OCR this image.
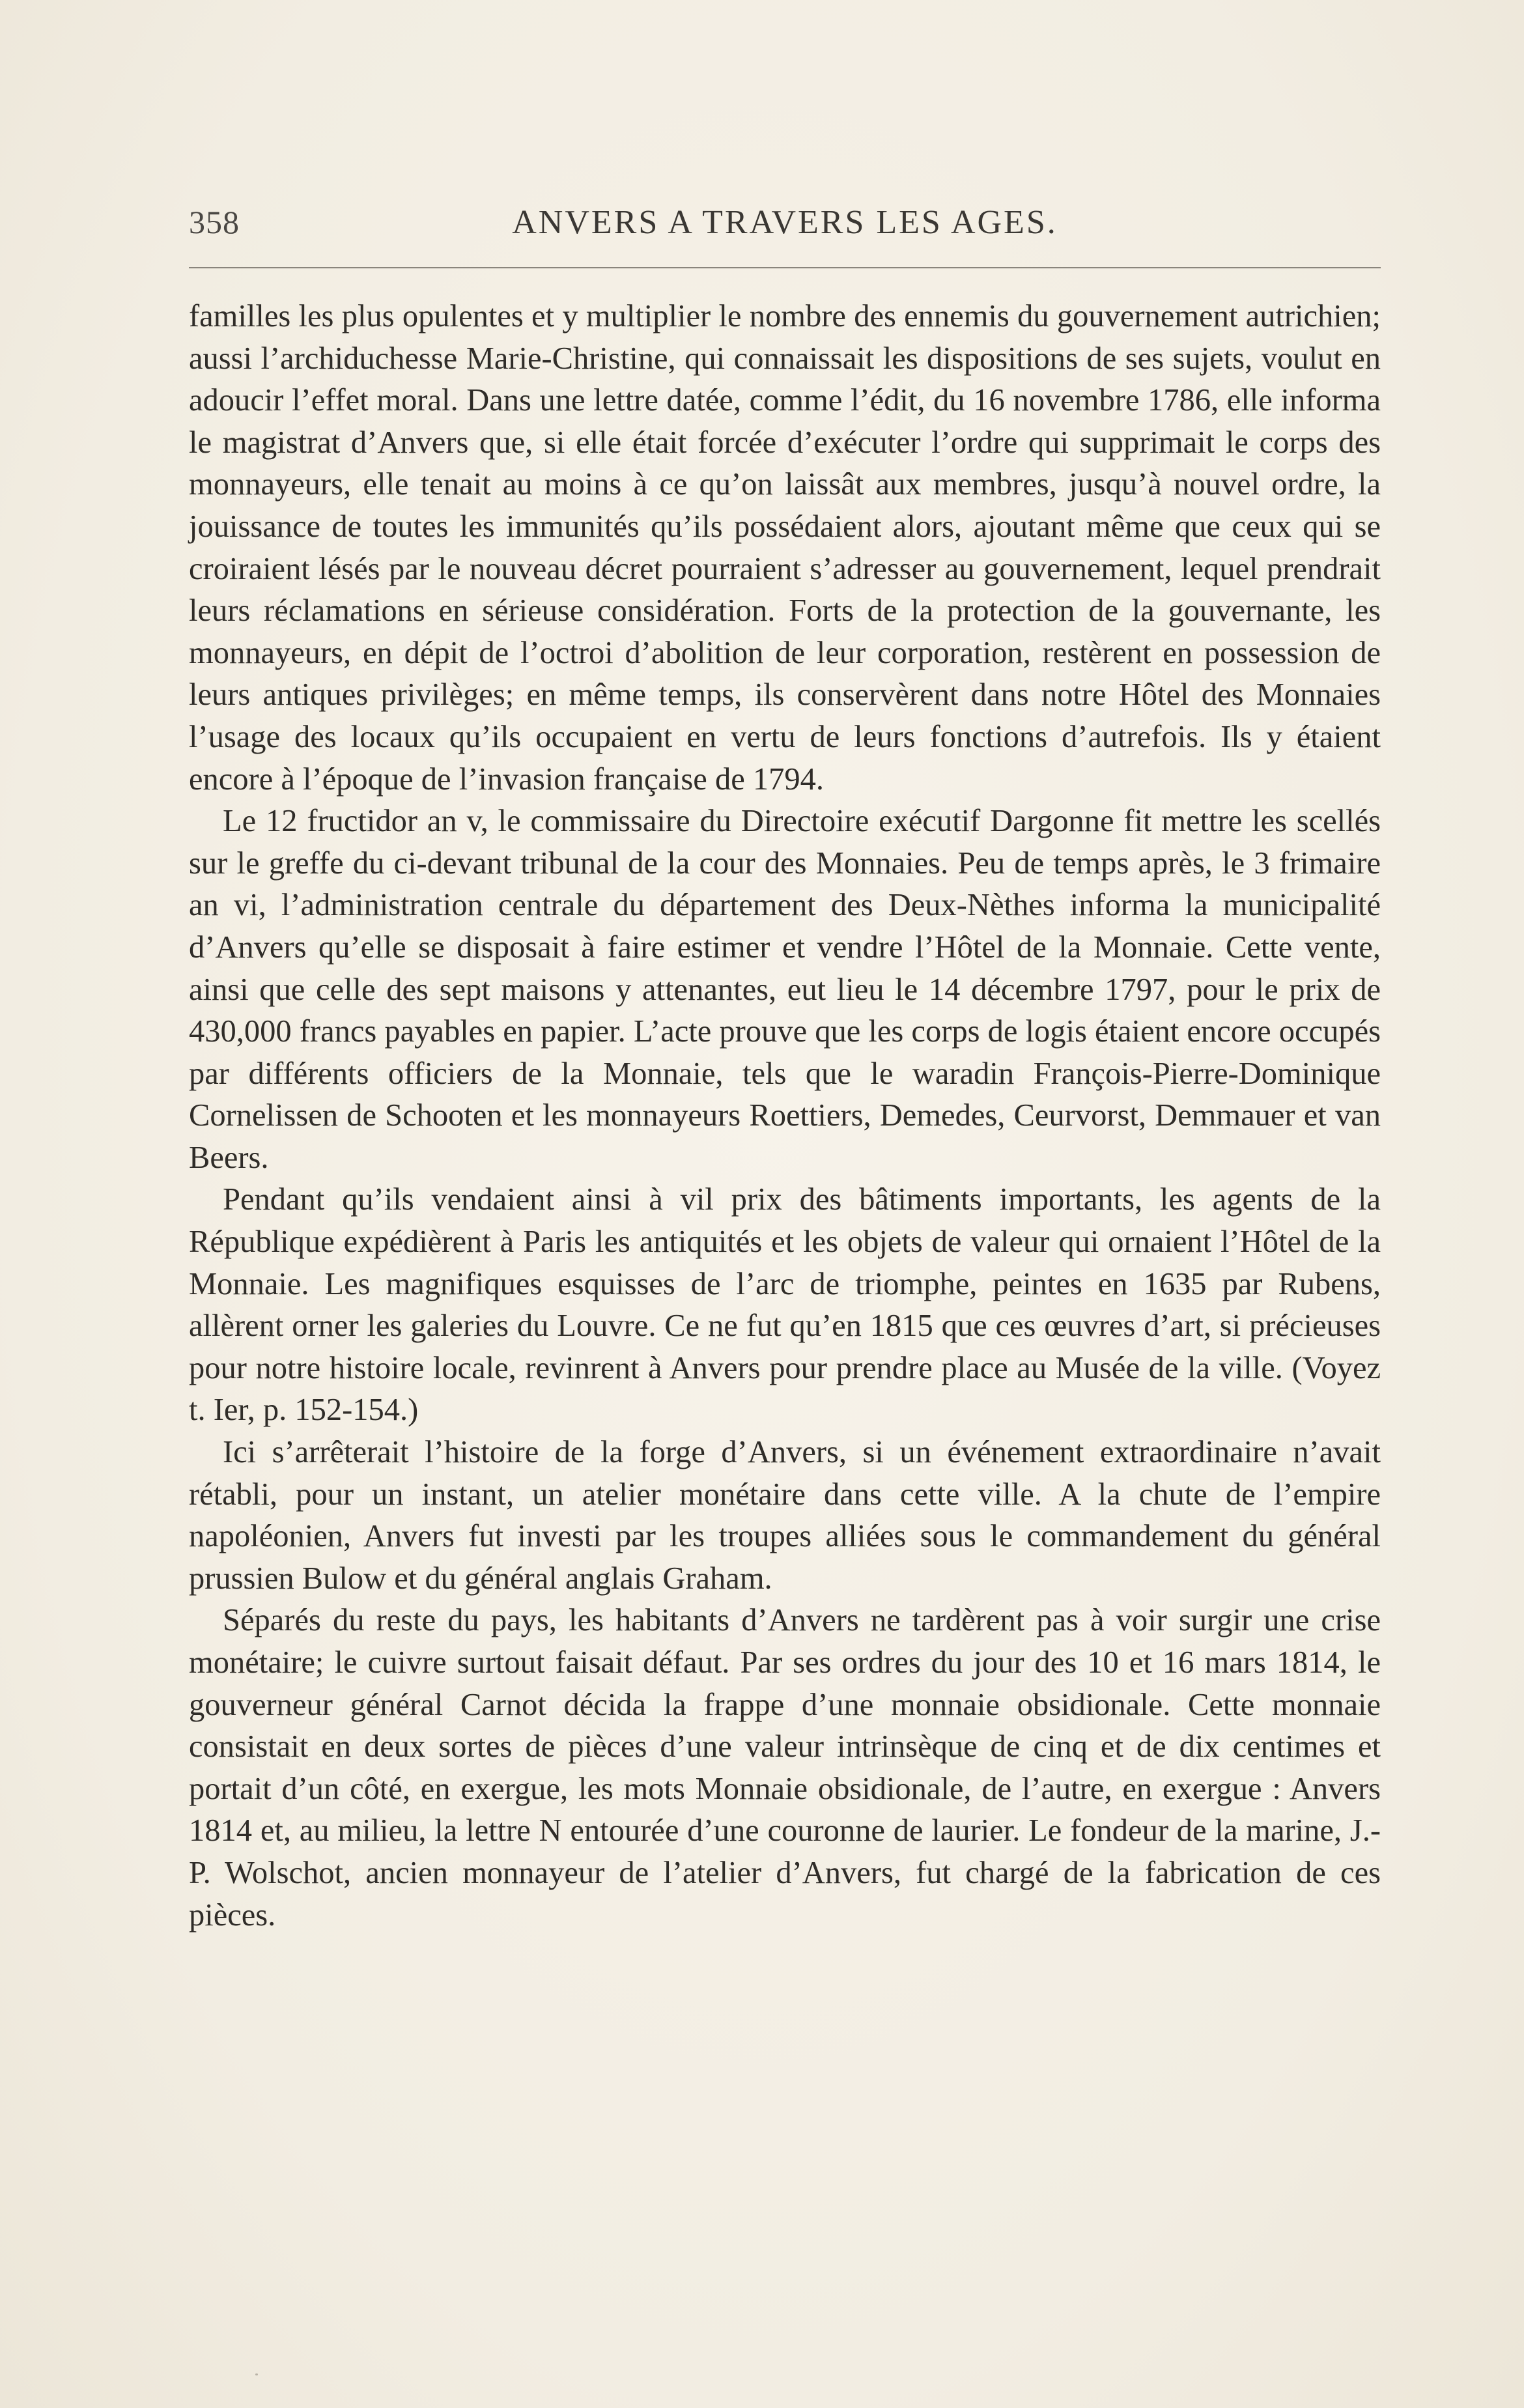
358	ANVERS A TRAVERS LES AGES.

familles les plus opulentes et y multiplier le nombre des ennemis du gouvernement autrichien; aussi l’archiduchesse Marie-Christine, qui connaissait les dispositions de ses sujets, voulut en adoucir l’effet moral. Dans une lettre datée, comme l’édit, du 16 novembre 1786, elle informa le magistrat d’Anvers que, si elle était forcée d’exécuter l’ordre qui supprimait le corps des monnayeurs, elle tenait au moins à ce qu’on laissât aux membres, jusqu’à nouvel ordre, la jouissance de toutes les immunités qu’ils possédaient alors, ajoutant même que ceux qui se croiraient lésés par le nouveau décret pourraient s’adresser au gouvernement, lequel prendrait leurs réclamations en sérieuse considération. Forts de la protection de la gouvernante, les monnayeurs, en dépit de l’octroi d’abolition de leur corporation, restèrent en possession de leurs antiques privilèges; en même temps, ils conservèrent dans notre Hôtel des Monnaies l’usage des locaux qu’ils occupaient en vertu de leurs fonctions d’autrefois. Ils y étaient encore à l’époque de l’invasion française de 1794.

Le 12 fructidor an v, le commissaire du Directoire exécutif Dargonne fit mettre les scellés sur le greffe du ci-devant tribunal de la cour des Monnaies. Peu de temps après, le 3 frimaire an vi, l’administration centrale du département des Deux-Nèthes informa la municipalité d’Anvers qu’elle se disposait à faire estimer et vendre l’Hôtel de la Monnaie. Cette vente, ainsi que celle des sept maisons y attenantes, eut lieu le 14 décembre 1797, pour le prix de 430,000 francs payables en papier. L’acte prouve que les corps de logis étaient encore occupés par différents officiers de la Monnaie, tels que le waradin François-Pierre-Dominique Cornelissen de Schooten et les monnayeurs Roettiers, Demedes, Ceurvorst, Demmauer et van Beers.

Pendant qu’ils vendaient ainsi à vil prix des bâtiments importants, les agents de la République expédièrent à Paris les antiquités et les objets de valeur qui ornaient l’Hôtel de la Monnaie. Les magnifiques esquisses de l’arc de triomphe, peintes en 1635 par Rubens, allèrent orner les galeries du Louvre. Ce ne fut qu’en 1815 que ces œuvres d’art, si précieuses pour notre histoire locale, revinrent à Anvers pour prendre place au Musée de la ville. (Voyez t. Ier, p. 152-154.)

Ici s’arrêterait l’histoire de la forge d’Anvers, si un événement extraordinaire n’avait rétabli, pour un instant, un atelier monétaire dans cette ville. A la chute de l’empire napoléonien, Anvers fut investi par les troupes alliées sous le commandement du général prussien Bulow et du général anglais Graham.

Séparés du reste du pays, les habitants d’Anvers ne tardèrent pas à voir surgir une crise monétaire; le cuivre surtout faisait défaut. Par ses ordres du jour des 10 et 16 mars 1814, le gouverneur général Carnot décida la frappe d’une monnaie obsidionale. Cette monnaie consistait en deux sortes de pièces d’une valeur intrinsèque de cinq et de dix centimes et portait d’un côté, en exergue, les mots Monnaie obsidionale, de l’autre, en exergue : Anvers 1814 et, au milieu, la lettre N entourée d’une couronne de laurier. Le fondeur de la marine, J.-P. Wolschot, ancien monnayeur de l’atelier d’Anvers, fut chargé de la fabrication de ces pièces.
